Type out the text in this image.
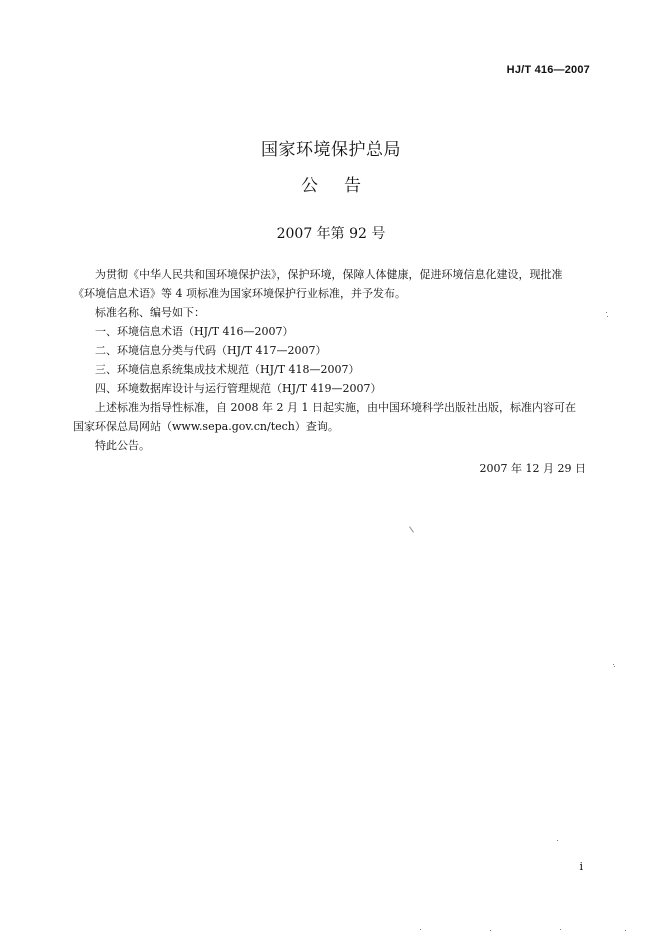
HJ/T 416—2007
国家环境保护总局
公告
2007 年第 92 号
为贯彻《中华人民共和国环境保护法》，保护环境，保障人体健康，促进环境信息化建设，现批准
《环境信息术语》等 4 项标准为国家环境保护行业标准，并予发布。
标准名称、编号如下：
一、环境信息术语（HJ/T 416—2007）
二、环境信息分类与代码（HJ/T 417—2007）
三、环境信息系统集成技术规范（HJ/T 418—2007）
四、环境数据库设计与运行管理规范（HJ/T 419—2007）
上述标准为指导性标准，自 2008 年 2 月 1 日起实施，由中国环境科学出版社出版，标准内容可在
国家环保总局网站（www.sepa.gov.cn/tech）查询。
特此公告。
2007 年 12 月 29 日
i
